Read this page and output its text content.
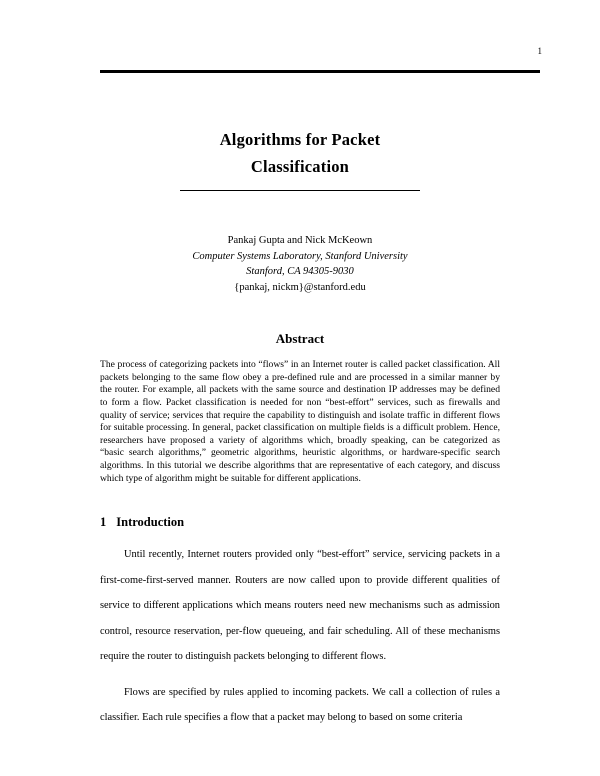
1
Algorithms for Packet
Classification
Pankaj Gupta and Nick McKeown
Computer Systems Laboratory, Stanford University
Stanford, CA 94305-9030
{pankaj, nickm}@stanford.edu
Abstract
The process of categorizing packets into “flows” in an Internet router is called packet classification. All packets belonging to the same flow obey a pre-defined rule and are processed in a similar manner by the router. For example, all packets with the same source and destination IP addresses may be defined to form a flow. Packet classification is needed for non “best-effort” services, such as firewalls and quality of service; services that require the capability to distinguish and isolate traffic in different flows for suitable processing. In general, packet classification on multiple fields is a difficult problem. Hence, researchers have proposed a variety of algorithms which, broadly speaking, can be categorized as “basic search algorithms,” geometric algorithms, heuristic algorithms, or hardware-specific search algorithms. In this tutorial we describe algorithms that are representative of each category, and discuss which type of algorithm might be suitable for different applications.
1 Introduction
Until recently, Internet routers provided only “best-effort” service, servicing packets in a first-come-first-served manner. Routers are now called upon to provide different qualities of service to different applications which means routers need new mechanisms such as admission control, resource reservation, per-flow queueing, and fair scheduling. All of these mechanisms require the router to distinguish packets belonging to different flows.
Flows are specified by rules applied to incoming packets. We call a collection of rules a classifier. Each rule specifies a flow that a packet may belong to based on some criteria
